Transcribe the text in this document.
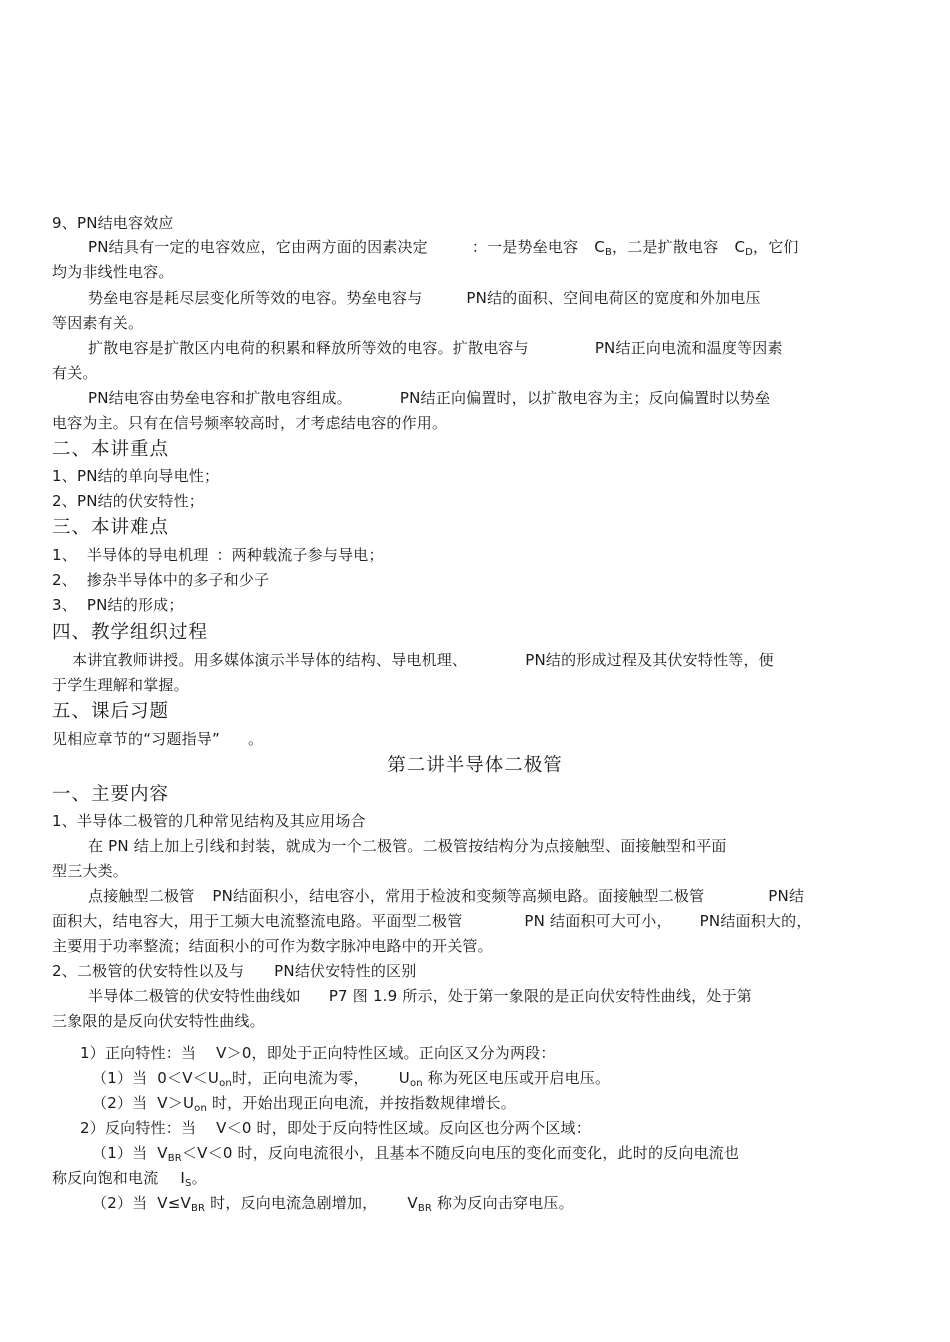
9、PN结电容效应
PN结具有一定的电容效应，它由两方面的因素决定	：一是势垒电容 $C_B$，二是扩散电容 $C_D$，它们
均为非线性电容。
势垒电容是耗尽层变化所等效的电容。势垒电容与	PN结的面积、空间电荷区的宽度和外加电压
等因素有关。
扩散电容是扩散区内电荷的积累和释放所等效的电容。扩散电容与	PN结正向电流和温度等因素
有关。
PN结电容由势垒电容和扩散电容组成。	PN结正向偏置时，以扩散电容为主；反向偏置时以势垒
电容为主。只有在信号频率较高时，才考虑结电容的作用。
二、本讲重点
1、PN结的单向导电性；
2、PN结的伏安特性；
三、本讲难点
1、  半导体的导电机理 ：两种载流子参与导电；
2、  掺杂半导体中的多子和少子
3、  PN结的形成；
四、教学组织过程
本讲宜教师讲授。用多媒体演示半导体的结构、导电机理、	PN结的形成过程及其伏安特性等，便
于学生理解和掌握。
五、课后习题
见相应章节的“习题指导” 。
第二讲半导体二极管
一、主要内容
1、半导体二极管的几种常见结构及其应用场合
在 PN 结上加上引线和封装，就成为一个二极管。二极管按结构分为点接触型、面接触型和平面
型三大类。
点接触型二极管 PN结面积小，结电容小，常用于检波和变频等高频电路。面接触型二极管	PN结
面积大，结电容大，用于工频大电流整流电路。平面型二极管	PN 结面积可大可小， PN结面积大的，
主要用于功率整流；结面积小的可作为数字脉冲电路中的开关管。
2、二极管的伏安特性以及与 PN结伏安特性的区别
半导体二极管的伏安特性曲线如 P7 图 1.9 所示，处于第一象限的是正向伏安特性曲线，处于第
三象限的是反向伏安特性曲线。
1）正向特性：当 V＞0，即处于正向特性区域。正向区又分为两段：
（1）当  $0<V<U_{on}$时，正向电流为零， $U_{on}$ 称为死区电压或开启电压。
（2）当  $V>U_{on}$ 时，开始出现正向电流，并按指数规律增长。
2）反向特性：当 V＜0 时，即处于反向特性区域。反向区也分两个区域：
（1）当  $V_{BR}<V<0$ 时，反向电流很小，且基本不随反向电压的变化而变化，此时的反向电流也
称反向饱和电流 $I_S$。
（2）当  $V\le V_{BR}$ 时，反向电流急剧增加， $V_{BR}$ 称为反向击穿电压。
